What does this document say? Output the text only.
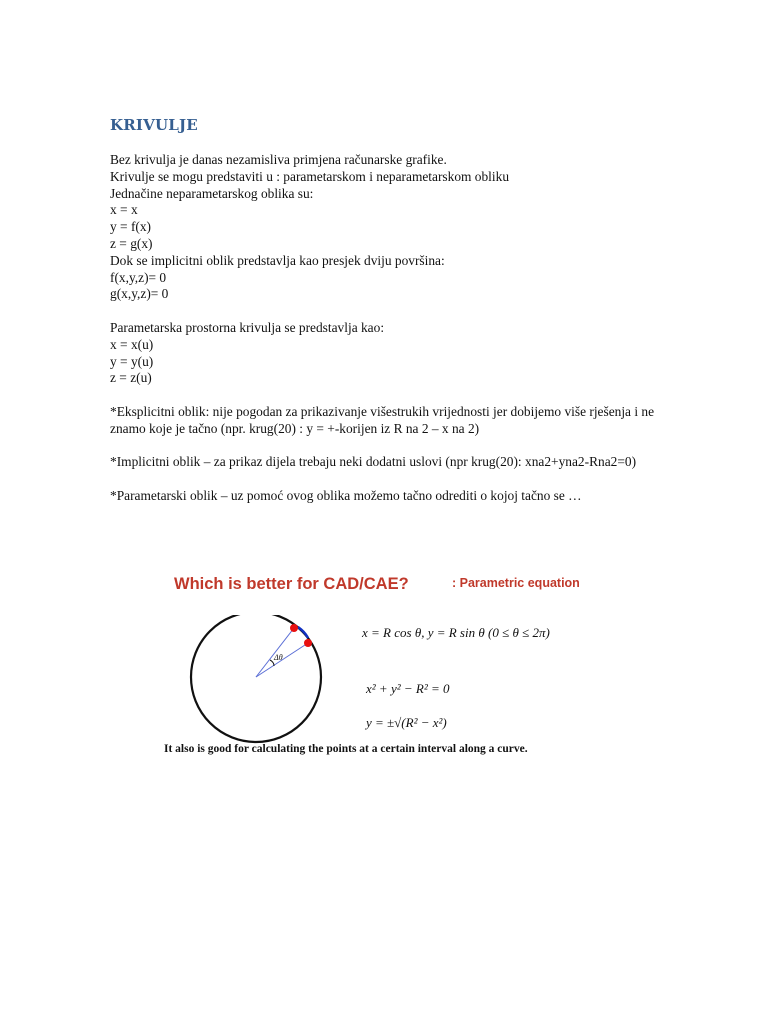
KRIVULJE
Bez krivulja je danas nezamisliva primjena računarske grafike.
Krivulje se mogu predstaviti u : parametarskom i neparametarskom obliku
Jednačine neparametarskog oblika su:
x = x
y = f(x)
z = g(x)
Dok se implicitni oblik predstavlja kao presjek dviju površina:
f(x,y,z)= 0
g(x,y,z)= 0
Parametarska prostorna krivulja se predstavlja kao:
x = x(u)
y = y(u)
z = z(u)
*Eksplicitni oblik: nije pogodan za prikazivanje višestrukih vrijednosti jer dobijemo više rješenja i ne znamo koje je tačno (npr. krug(20) : y = +-korijen iz R na 2 – x na 2)
*Implicitni oblik – za prikaz dijela trebaju neki dodatni uslovi (npr krug(20): xna2+yna2-Rna2=0)
*Parametarski oblik – uz pomoć ovog oblika možemo tačno odrediti o kojoj tačno se …
Which is better for CAD/CAE?	: Parametric equation
Δθ
x = R cos θ, y = R sin θ (0 ≤ θ ≤ 2π)
x² + y² − R² = 0
y = ±√(R² − x²)
It also is good for calculating the points at a certain interval along a curve.
